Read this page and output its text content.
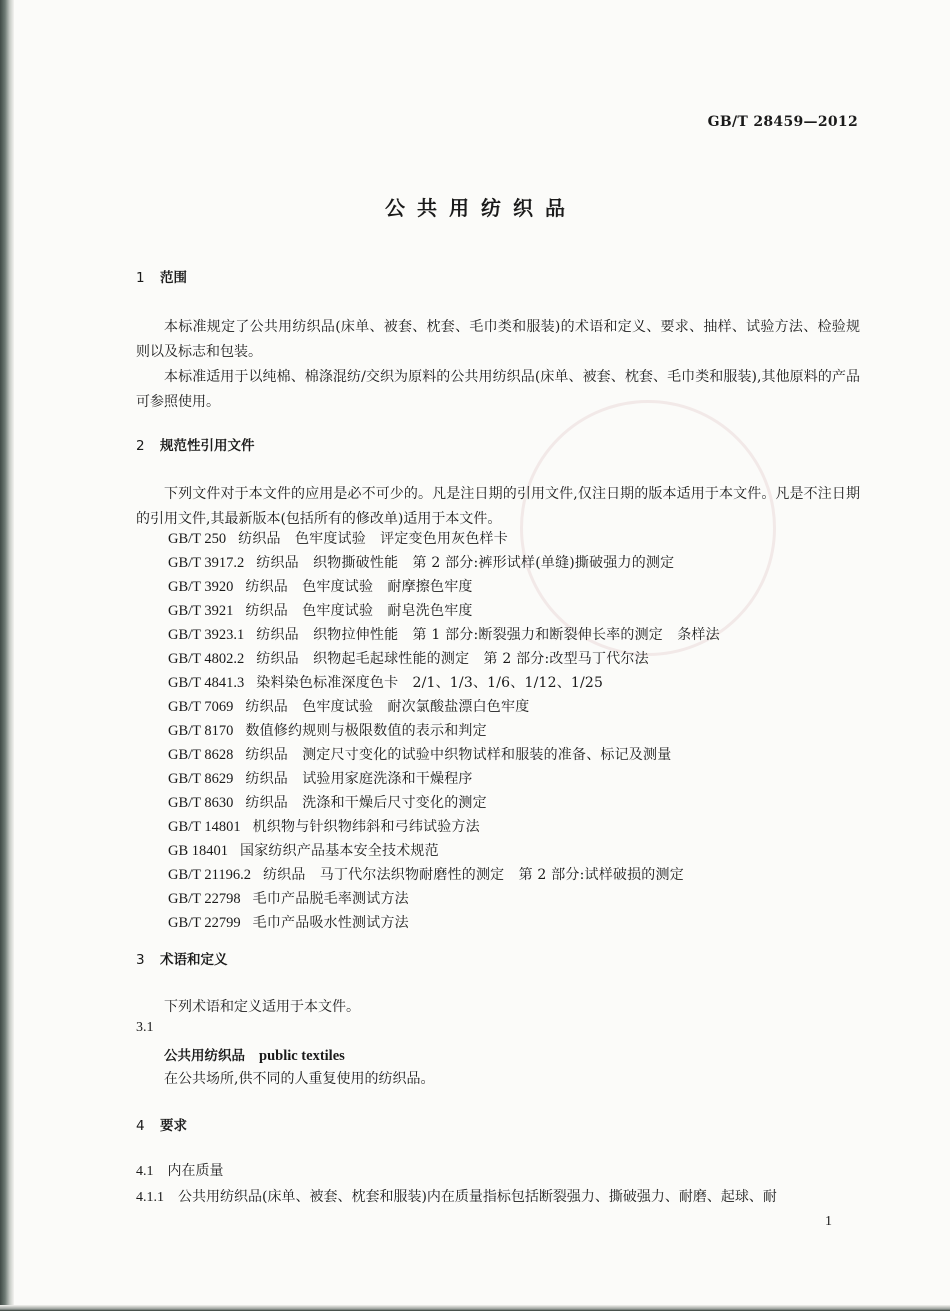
GB/T 28459—2012
公共用纺织品
1 范围
本标准规定了公共用纺织品(床单、被套、枕套、毛巾类和服装)的术语和定义、要求、抽样、试验方法、检验规则以及标志和包装。
本标准适用于以纯棉、棉涤混纺/交织为原料的公共用纺织品(床单、被套、枕套、毛巾类和服装),其他原料的产品可参照使用。
2 规范性引用文件
下列文件对于本文件的应用是必不可少的。凡是注日期的引用文件,仅注日期的版本适用于本文件。凡是不注日期的引用文件,其最新版本(包括所有的修改单)适用于本文件。
GB/T 250 纺织品　色牢度试验　评定变色用灰色样卡
GB/T 3917.2 纺织品　织物撕破性能　第 2 部分:裤形试样(单缝)撕破强力的测定
GB/T 3920 纺织品　色牢度试验　耐摩擦色牢度
GB/T 3921 纺织品　色牢度试验　耐皂洗色牢度
GB/T 3923.1 纺织品　织物拉伸性能　第 1 部分:断裂强力和断裂伸长率的测定　条样法
GB/T 4802.2 纺织品　织物起毛起球性能的测定　第 2 部分:改型马丁代尔法
GB/T 4841.3 染料染色标准深度色卡　2/1、1/3、1/6、1/12、1/25
GB/T 7069 纺织品　色牢度试验　耐次氯酸盐漂白色牢度
GB/T 8170 数值修约规则与极限数值的表示和判定
GB/T 8628 纺织品　测定尺寸变化的试验中织物试样和服装的准备、标记及测量
GB/T 8629 纺织品　试验用家庭洗涤和干燥程序
GB/T 8630 纺织品　洗涤和干燥后尺寸变化的测定
GB/T 14801 机织物与针织物纬斜和弓纬试验方法
GB 18401 国家纺织产品基本安全技术规范
GB/T 21196.2 纺织品　马丁代尔法织物耐磨性的测定　第 2 部分:试样破损的测定
GB/T 22798 毛巾产品脱毛率测试方法
GB/T 22799 毛巾产品吸水性测试方法
3 术语和定义
下列术语和定义适用于本文件。
3.1
公共用纺织品 public textiles
在公共场所,供不同的人重复使用的纺织品。
4 要求
4.1 内在质量
4.1.1 公共用纺织品(床单、被套、枕套和服装)内在质量指标包括断裂强力、撕破强力、耐磨、起球、耐
1
